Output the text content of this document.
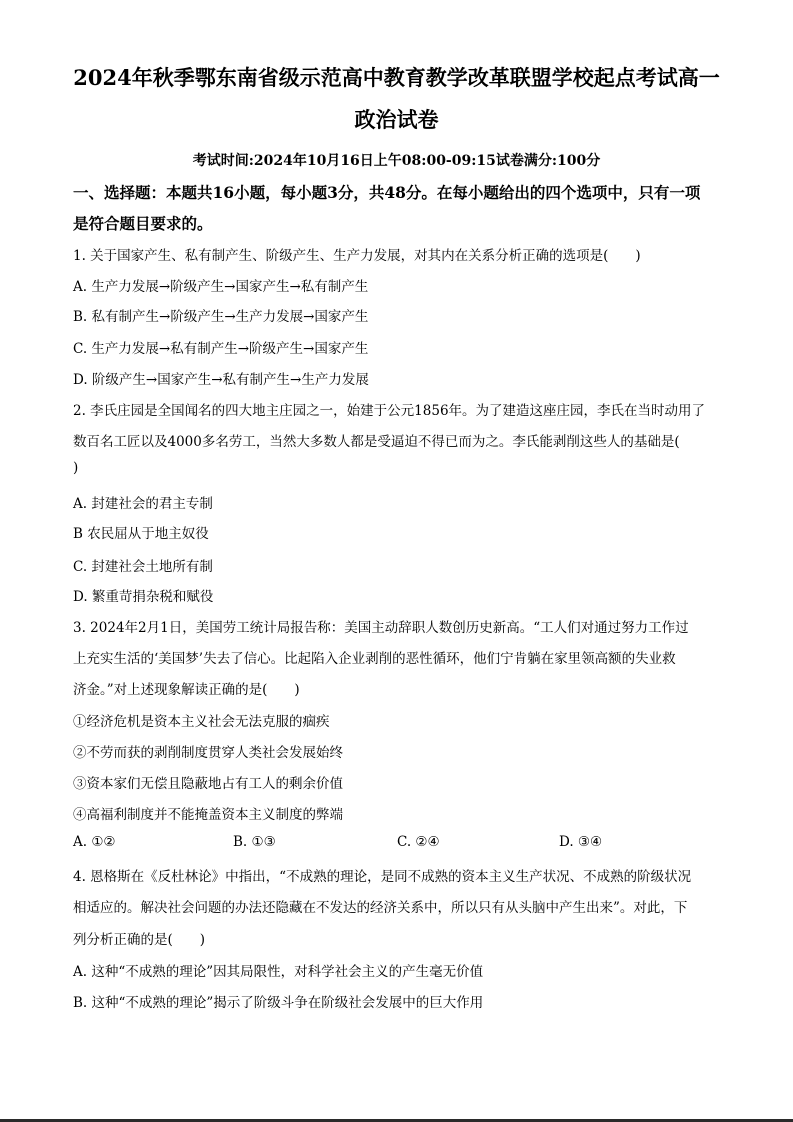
2024年秋季鄂东南省级示范高中教育教学改革联盟学校起点考试高一
政治试卷
考试时间:2024年10月16日上午08:00-09:15试卷满分:100分
一、选择题：本题共16小题，每小题3分，共48分。在每小题给出的四个选项中，只有一项
是符合题目要求的。
1. 关于国家产生、私有制产生、阶级产生、生产力发展，对其内在关系分析正确的选项是(　　)
A. 生产力发展→阶级产生→国家产生→私有制产生
B. 私有制产生→阶级产生→生产力发展→国家产生
C. 生产力发展→私有制产生→阶级产生→国家产生
D. 阶级产生→国家产生→私有制产生→生产力发展
2. 李氏庄园是全国闻名的四大地主庄园之一，始建于公元1856年。为了建造这座庄园，李氏在当时动用了
数百名工匠以及4000多名劳工，当然大多数人都是受逼迫不得已而为之。李氏能剥削这些人的基础是(
)
A. 封建社会的君主专制
B 农民屈从于地主奴役
C. 封建社会土地所有制
D. 繁重苛捐杂税和赋役
3. 2024年2月1日，美国劳工统计局报告称：美国主动辞职人数创历史新高。“工人们对通过努力工作过
上充实生活的‘美国梦’失去了信心。比起陷入企业剥削的恶性循环，他们宁肯躺在家里领高额的失业救
济金。”对上述现象解读正确的是(　　)
①经济危机是资本主义社会无法克服的痼疾
②不劳而获的剥削制度贯穿人类社会发展始终
③资本家们无偿且隐蔽地占有工人的剩余价值
④高福利制度并不能掩盖资本主义制度的弊端
A. ①②	B. ①③	C. ②④	D. ③④
4. 恩格斯在《反杜林论》中指出，“不成熟的理论，是同不成熟的资本主义生产状况、不成熟的阶级状况
相适应的。解决社会问题的办法还隐藏在不发达的经济关系中，所以只有从头脑中产生出来”。对此，下
列分析正确的是(　　)
A. 这种“不成熟的理论”因其局限性，对科学社会主义的产生毫无价值
B. 这种“不成熟的理论”揭示了阶级斗争在阶级社会发展中的巨大作用
